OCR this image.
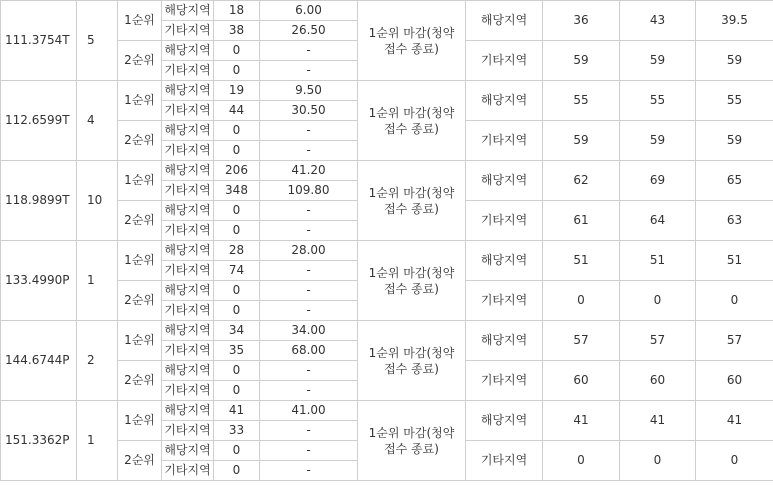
111.3754T	5	1순위	해당지역	18	6.00	1순위 마감(청약 접수 종료)	해당지역	36	43	39.5
			기타지역	38	26.50					
		2순위	해당지역	0	-		기타지역	59	59	59
			기타지역	0	-					
112.6599T	4	1순위	해당지역	19	9.50	1순위 마감(청약 접수 종료)	해당지역	55	55	55
			기타지역	44	30.50					
		2순위	해당지역	0	-		기타지역	59	59	59
			기타지역	0	-					
118.9899T	10	1순위	해당지역	206	41.20	1순위 마감(청약 접수 종료)	해당지역	62	69	65
			기타지역	348	109.80					
		2순위	해당지역	0	-		기타지역	61	64	63
			기타지역	0	-					
133.4990P	1	1순위	해당지역	28	28.00	1순위 마감(청약 접수 종료)	해당지역	51	51	51
			기타지역	74	-					
		2순위	해당지역	0	-		기타지역	0	0	0
			기타지역	0	-					
144.6744P	2	1순위	해당지역	34	34.00	1순위 마감(청약 접수 종료)	해당지역	57	57	57
			기타지역	35	68.00					
		2순위	해당지역	0	-		기타지역	60	60	60
			기타지역	0	-					
151.3362P	1	1순위	해당지역	41	41.00	1순위 마감(청약 접수 종료)	해당지역	41	41	41
			기타지역	33	-					
		2순위	해당지역	0	-		기타지역	0	0	0
			기타지역	0	-					
